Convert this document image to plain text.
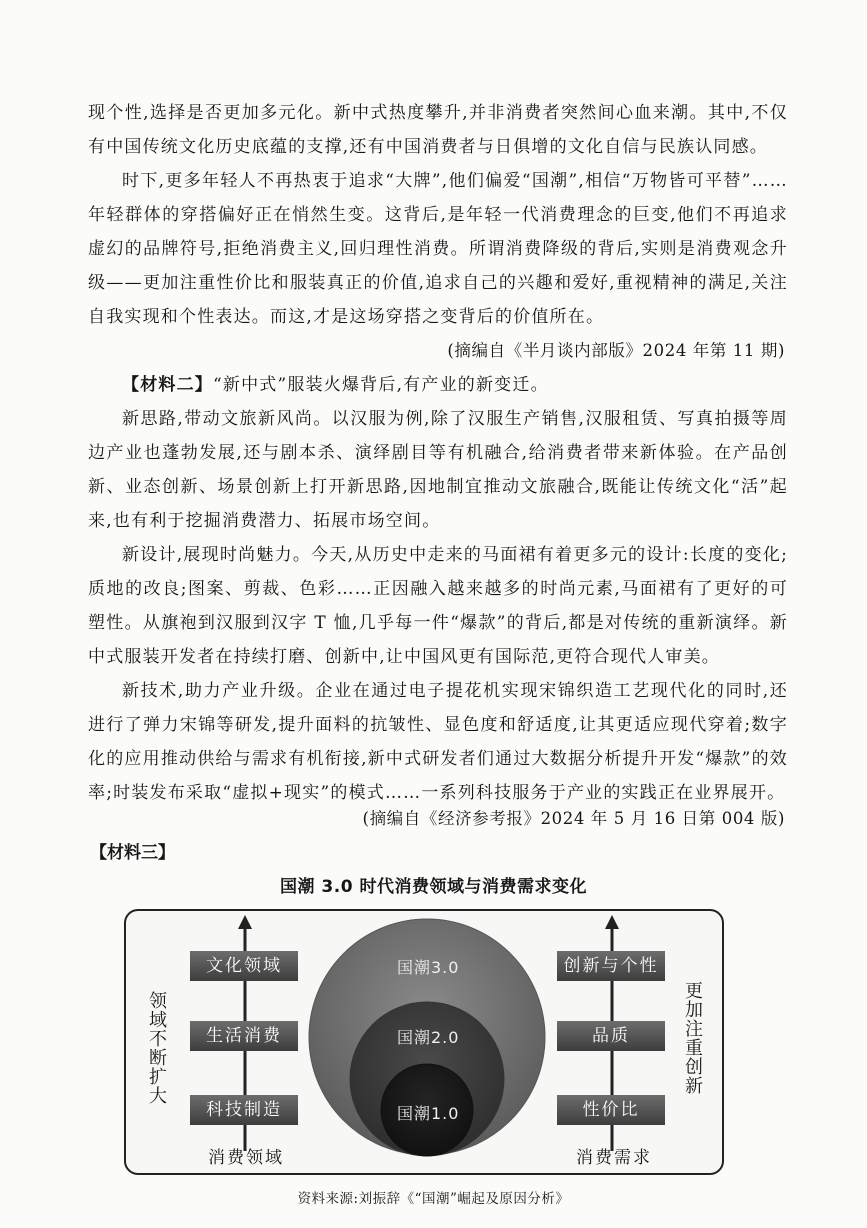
现个性,选择是否更加多元化。新中式热度攀升,并非消费者突然间心血来潮。其中,不仅有中国传统文化历史底蕴的支撑,还有中国消费者与日俱增的文化自信与民族认同感。

时下,更多年轻人不再热衷于追求“大牌”,他们偏爱“国潮”,相信“万物皆可平替”……年轻群体的穿搭偏好正在悄然生变。这背后,是年轻一代消费理念的巨变,他们不再追求虚幻的品牌符号,拒绝消费主义,回归理性消费。所谓消费降级的背后,实则是消费观念升级——更加注重性价比和服装真正的价值,追求自己的兴趣和爱好,重视精神的满足,关注自我实现和个性表达。而这,才是这场穿搭之变背后的价值所在。

(摘编自《半月谈内部版》2024 年第 11 期)

【材料二】“新中式”服装火爆背后,有产业的新变迁。

新思路,带动文旅新风尚。以汉服为例,除了汉服生产销售,汉服租赁、写真拍摄等周边产业也蓬勃发展,还与剧本杀、演绎剧目等有机融合,给消费者带来新体验。在产品创新、业态创新、场景创新上打开新思路,因地制宜推动文旅融合,既能让传统文化“活”起来,也有利于挖掘消费潜力、拓展市场空间。

新设计,展现时尚魅力。今天,从历史中走来的马面裙有着更多元的设计:长度的变化;质地的改良;图案、剪裁、色彩……正因融入越来越多的时尚元素,马面裙有了更好的可塑性。从旗袍到汉服到汉字 T 恤,几乎每一件“爆款”的背后,都是对传统的重新演绎。新中式服装开发者在持续打磨、创新中,让中国风更有国际范,更符合现代人审美。

新技术,助力产业升级。企业在通过电子提花机实现宋锦织造工艺现代化的同时,还进行了弹力宋锦等研发,提升面料的抗皱性、显色度和舒适度,让其更适应现代穿着;数字化的应用推动供给与需求有机衔接,新中式研发者们通过大数据分析提升开发“爆款”的效率;时装发布采取“虚拟+现实”的模式……一系列科技服务于产业的实践正在业界展开。

(摘编自《经济参考报》2024 年 5 月 16 日第 004 版)

【材料三】

国潮 3.0 时代消费领域与消费需求变化
文化领域
生活消费
科技制造
创新与个性
品质
性价比
领域不断扩大	更加注重创新
消费领域	消费需求
国潮3.0
国潮2.0
国潮1.0
资料来源:刘振辞《“国潮”崛起及原因分析》
